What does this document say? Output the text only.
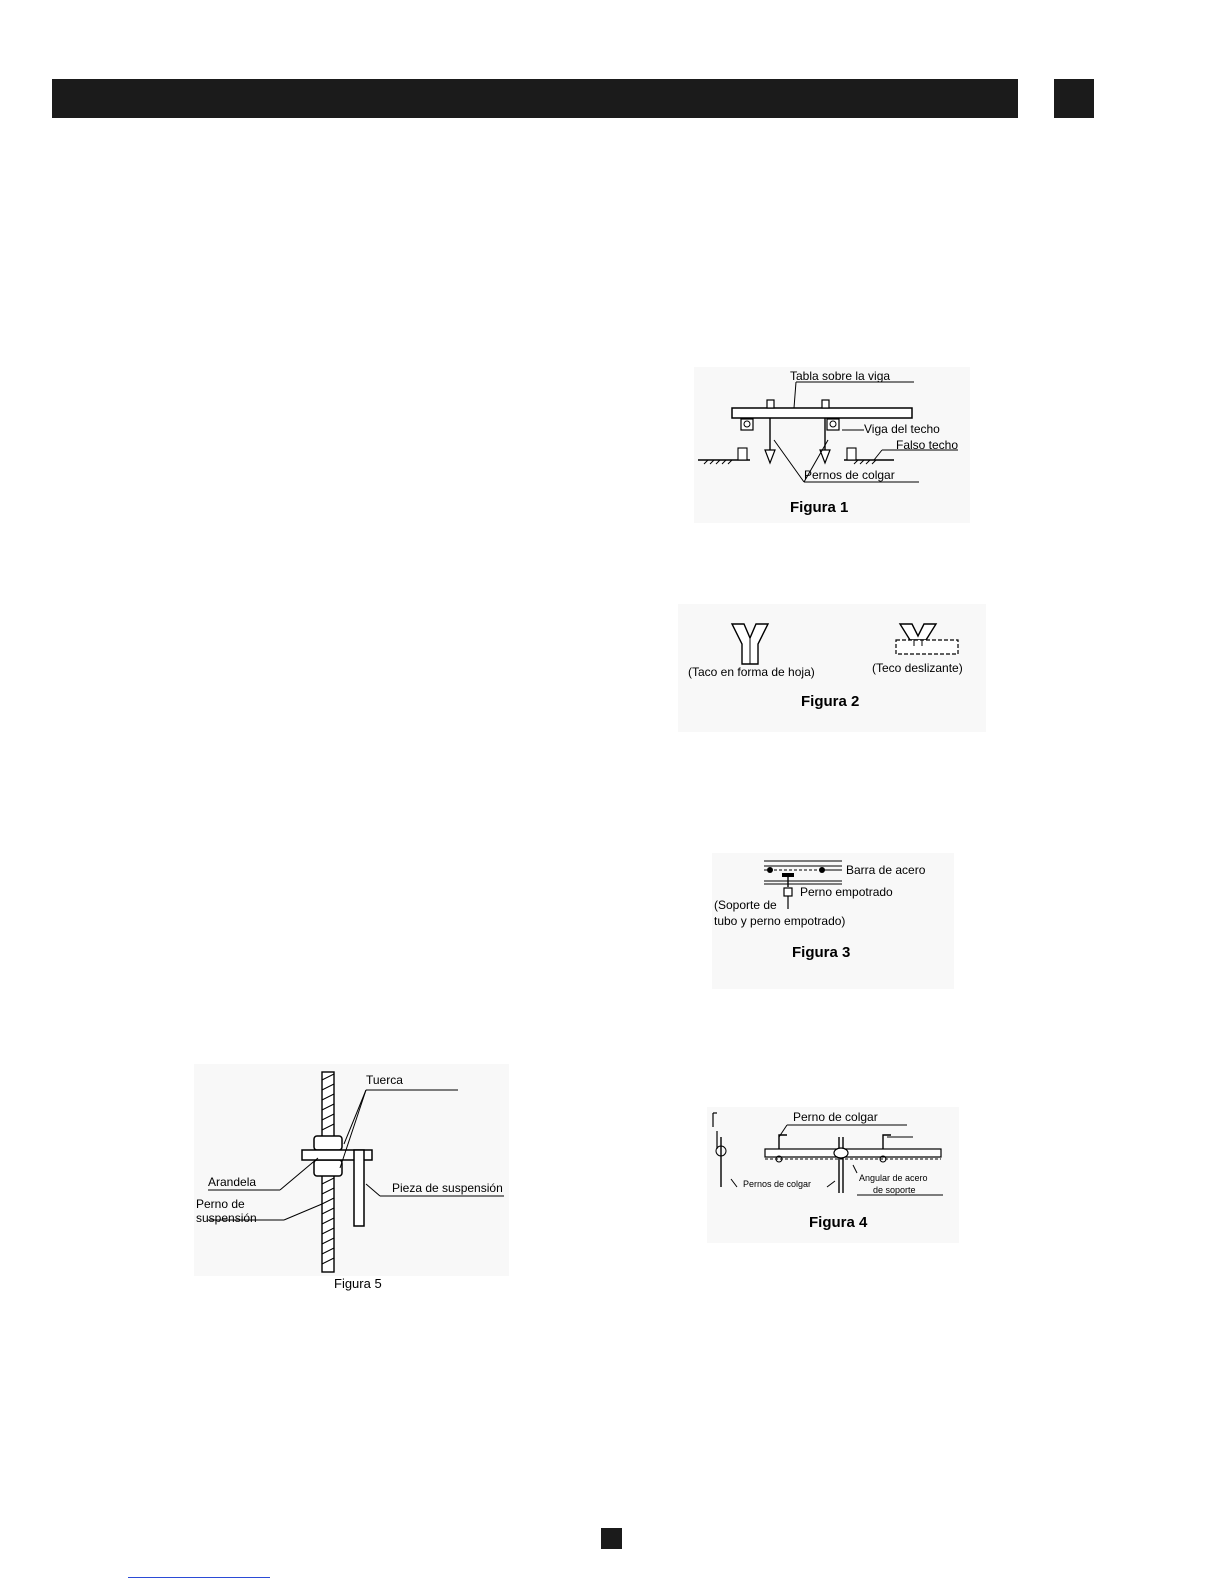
Tabla sobre la viga
Viga del techo
Falso techo
Pernos de colgar
Figura 1
(Taco en forma de hoja)	(Teco deslizante)
Figura 2
Barra de acero
Perno empotrado
(Soporte de
tubo y perno empotrado)
Figura 3
Perno de colgar
Pernos de colgar
Angular de acero
de soporte
Figura 4
Tuerca
Arandela
Perno de
suspensión
Pieza de suspensión
Figura 5
